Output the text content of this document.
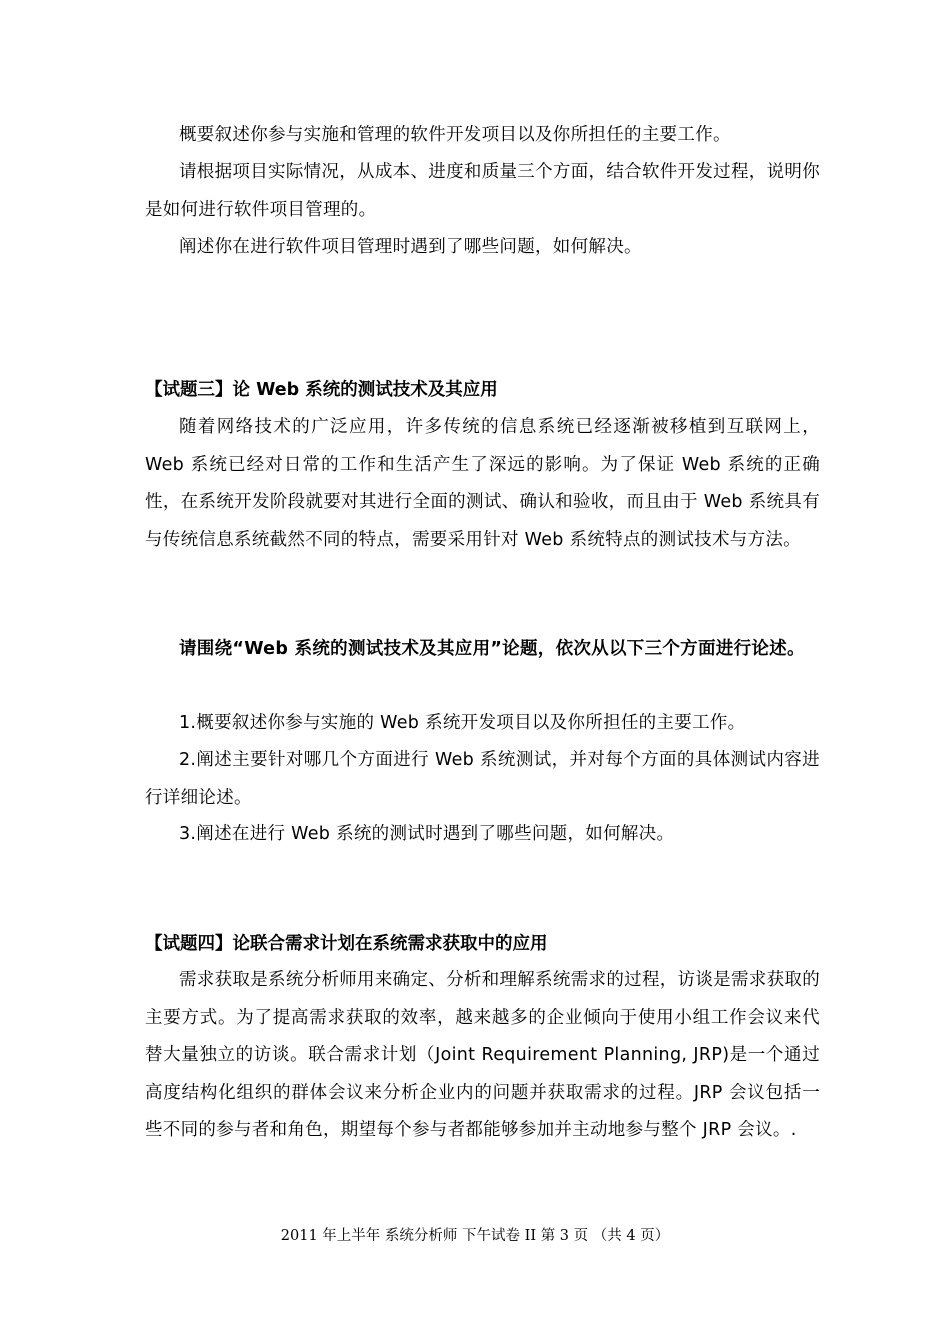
概要叙述你参与实施和管理的软件开发项目以及你所担任的主要工作。

请根据项目实际情况，从成本、进度和质量三个方面，结合软件开发过程，说明你是如何进行软件项目管理的。

阐述你在进行软件项目管理时遇到了哪些问题，如何解决。

【试题三】论 Web 系统的测试技术及其应用

随着网络技术的广泛应用，许多传统的信息系统已经逐渐被移植到互联网上，Web 系统已经对日常的工作和生活产生了深远的影响。为了保证 Web 系统的正确性，在系统开发阶段就要对其进行全面的测试、确认和验收，而且由于 Web 系统具有与传统信息系统截然不同的特点，需要采用针对 Web 系统特点的测试技术与方法。

请围绕“Web 系统的测试技术及其应用”论题，依次从以下三个方面进行论述。

1.概要叙述你参与实施的 Web 系统开发项目以及你所担任的主要工作。

2.阐述主要针对哪几个方面进行 Web 系统测试，并对每个方面的具体测试内容进行详细论述。

3.阐述在进行 Web 系统的测试时遇到了哪些问题，如何解决。

【试题四】论联合需求计划在系统需求获取中的应用

需求获取是系统分析师用来确定、分析和理解系统需求的过程，访谈是需求获取的主要方式。为了提高需求获取的效率，越来越多的企业倾向于使用小组工作会议来代替大量独立的访谈。联合需求计划（Joint Requirement Planning, JRP)是一个通过高度结构化组织的群体会议来分析企业内的问题并获取需求的过程。JRP 会议包括一些不同的参与者和角色，期望每个参与者都能够参加并主动地参与整个 JRP 会议。.

2011 年上半年 系统分析师 下午试卷 II 第 3 页 （共 4 页）
